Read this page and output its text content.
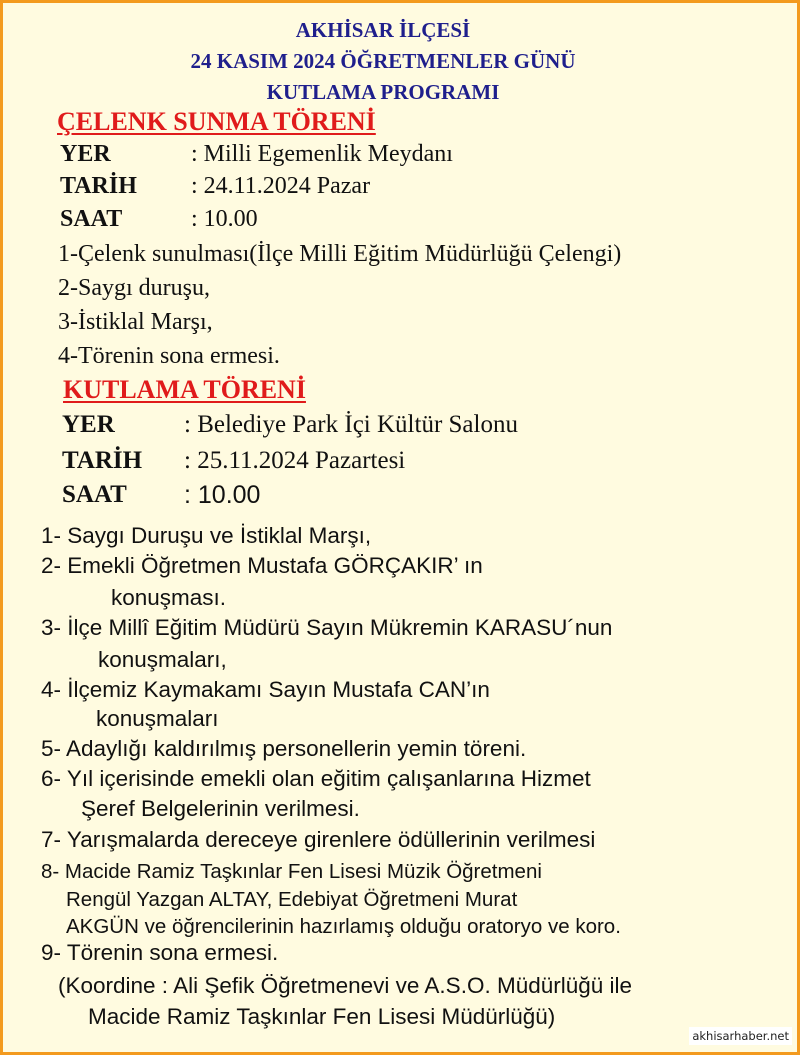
AKHİSAR İLÇESİ
24 KASIM 2024 ÖĞRETMENLER GÜNÜ
KUTLAMA PROGRAMI
ÇELENK SUNMA TÖRENİ
YER	: Milli Egemenlik Meydanı
TARİH : 24.11.2024 Pazar
SAAT	: 10.00
1-Çelenk sunulması(İlçe Milli Eğitim Müdürlüğü Çelengi)
2-Saygı duruşu,
3-İstiklal Marşı,
4-Törenin sona ermesi.
KUTLAMA TÖRENİ
YER	: Belediye Park İçi Kültür Salonu
TARİH : 25.11.2024 Pazartesi
SAAT : 10.00
1- Saygı Duruşu ve İstiklal Marşı,
2- Emekli Öğretmen Mustafa GÖRÇAKIR’ ın
konuşması.
3- İlçe Millî Eğitim Müdürü Sayın Mükremin KARASU´nun
konuşmaları,
4- İlçemiz Kaymakamı Sayın Mustafa CAN’ın
konuşmaları
5- Adaylığı kaldırılmış personellerin yemin töreni.
6- Yıl içerisinde emekli olan eğitim çalışanlarına Hizmet
Şeref Belgelerinin verilmesi.
7- Yarışmalarda dereceye girenlere ödüllerinin verilmesi
8- Macide Ramiz Taşkınlar Fen Lisesi Müzik Öğretmeni
Rengül Yazgan ALTAY, Edebiyat Öğretmeni Murat
AKGÜN ve öğrencilerinin hazırlamış olduğu oratoryo ve koro.
9- Törenin sona ermesi.
(Koordine : Ali Şefik Öğretmenevi ve A.S.O. Müdürlüğü ile
Macide Ramiz Taşkınlar Fen Lisesi Müdürlüğü)
akhisarhaber.net
